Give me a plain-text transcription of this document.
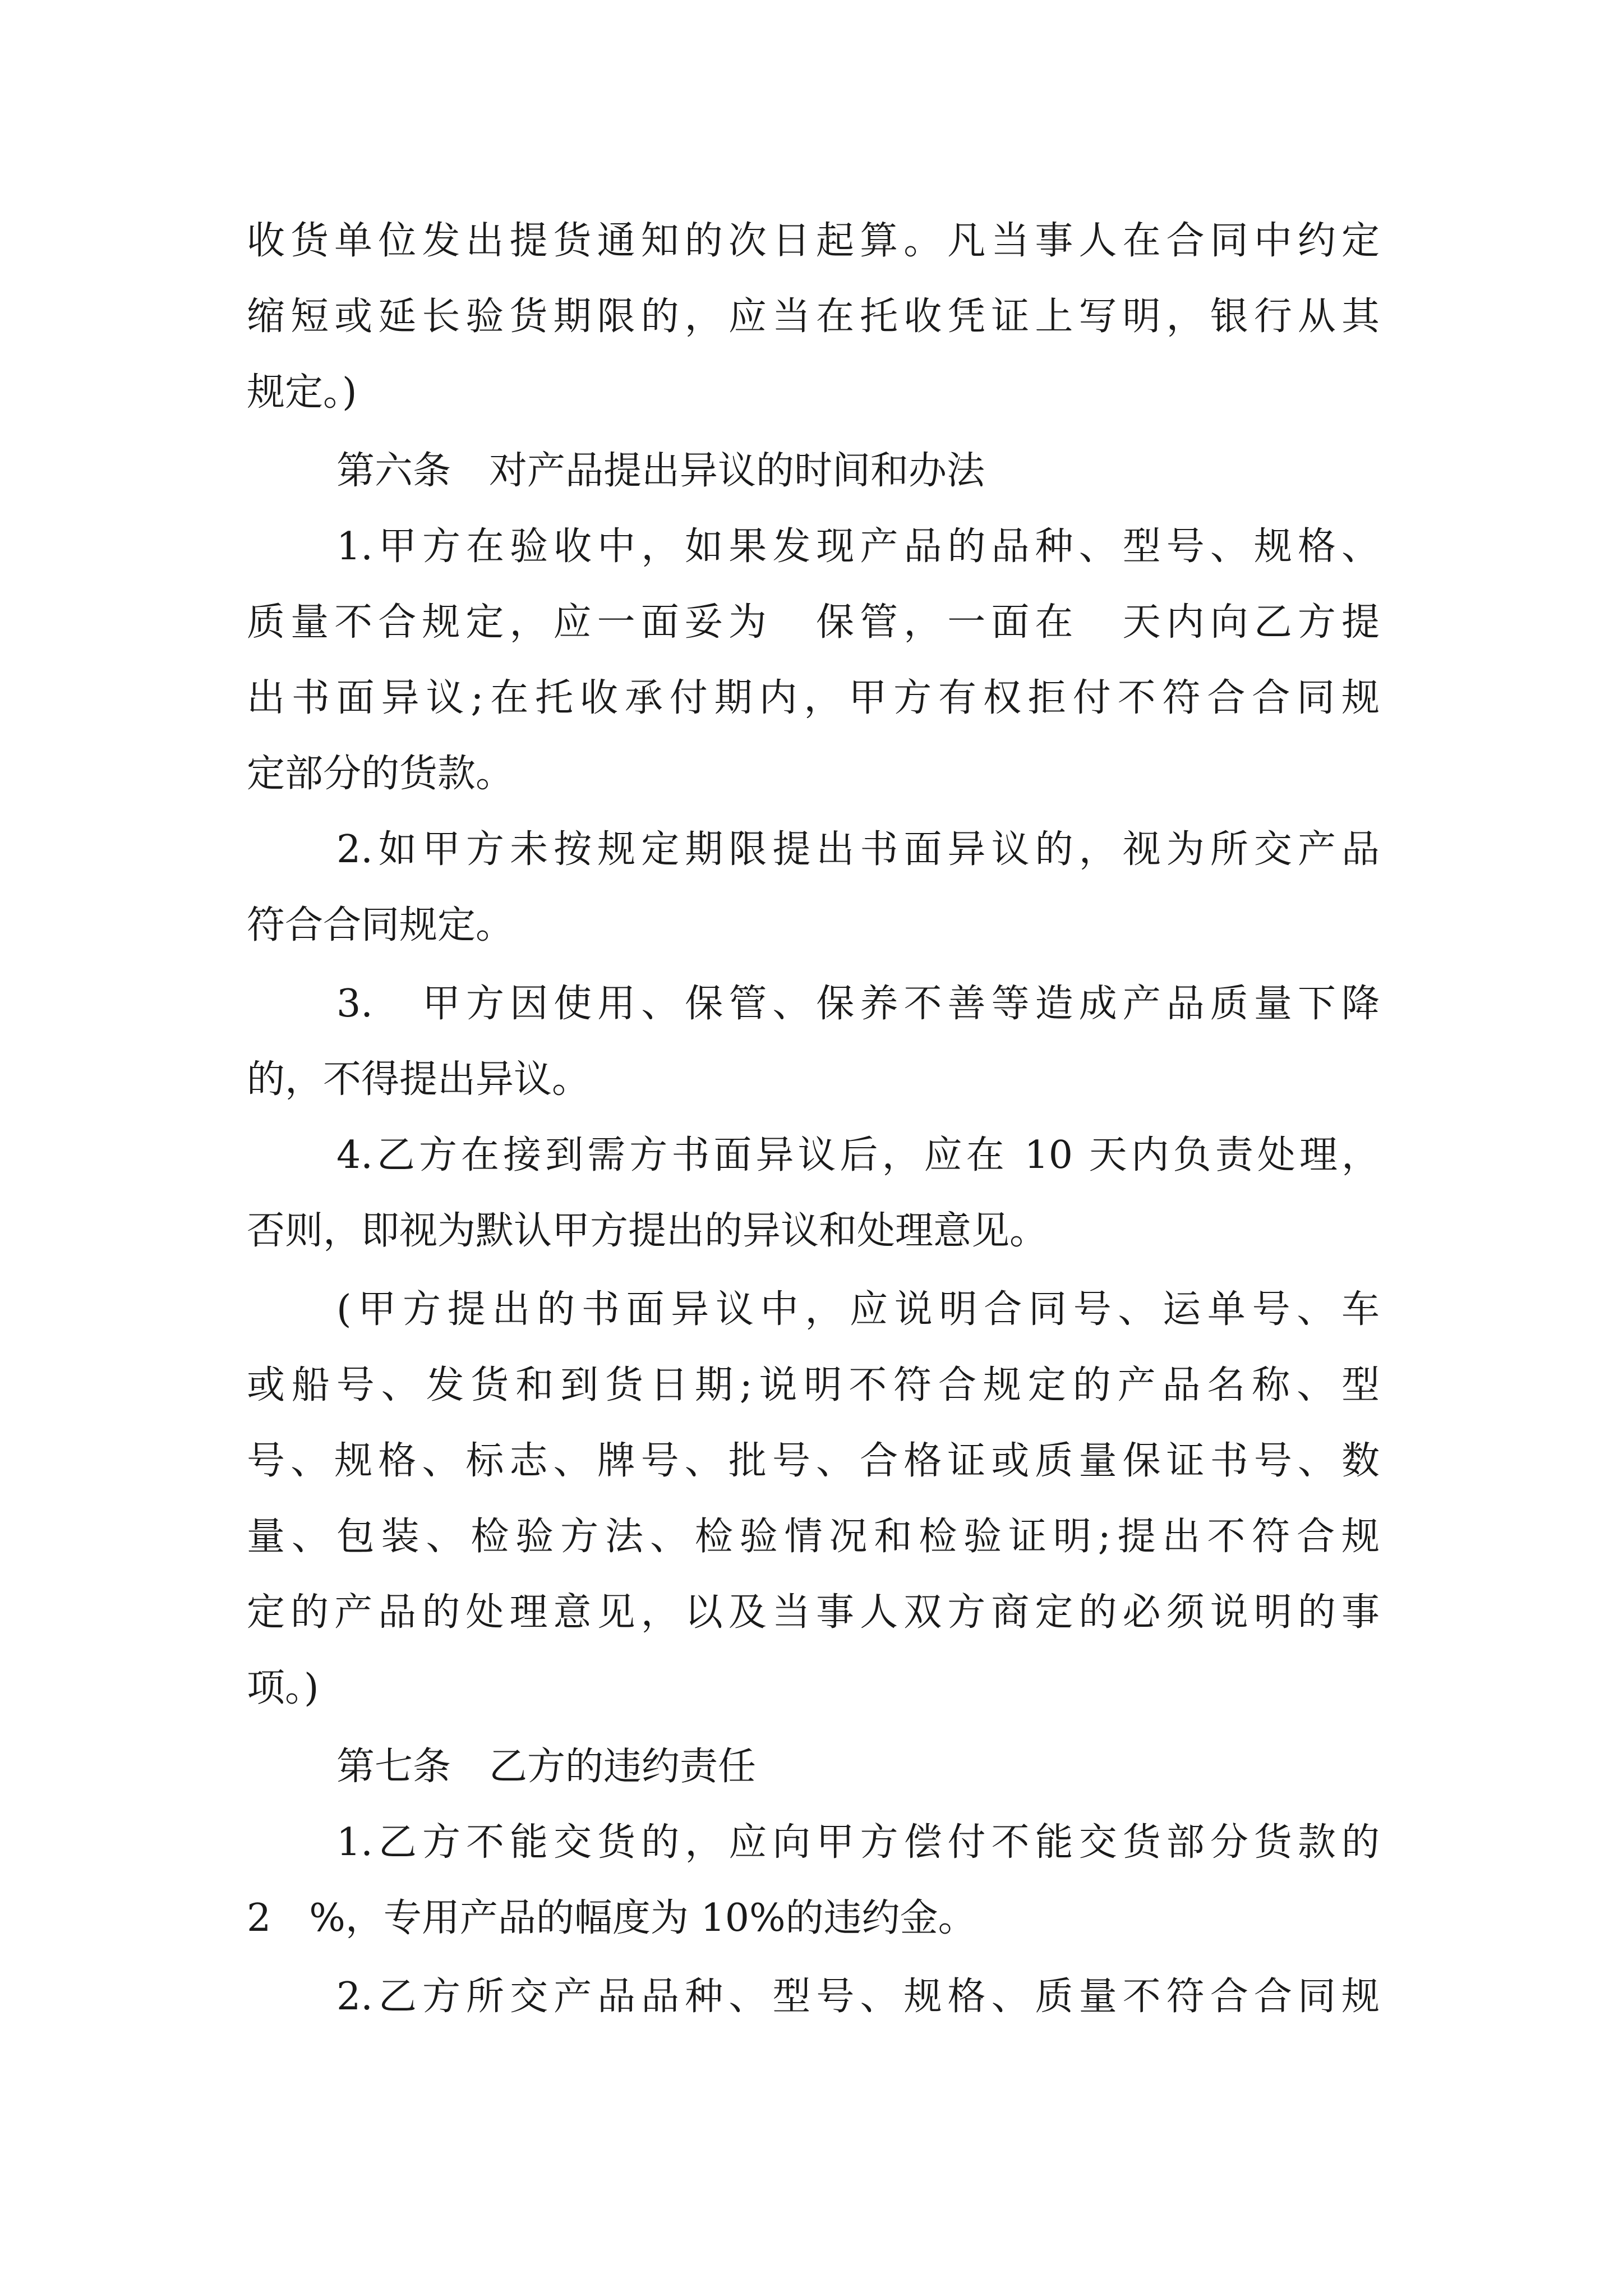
收货单位发出提货通知的次日起算。凡当事人在合同中约定

缩短或延长验货期限的，应当在托收凭证上写明，银行从其

规定。)

第六条　对产品提出异议的时间和办法

1.甲方在验收中，如果发现产品的品种、型号、规格、

质量不合规定，应一面妥为　保管，一面在　天内向乙方提

出书面异议;在托收承付期内，甲方有权拒付不符合合同规

定部分的货款。

2.如甲方未按规定期限提出书面异议的，视为所交产品

符合合同规定。

3.　甲方因使用、保管、保养不善等造成产品质量下降

的，不得提出异议。

4.乙方在接到需方书面异议后，应在 10 天内负责处理，

否则，即视为默认甲方提出的异议和处理意见。

(甲方提出的书面异议中，应说明合同号、运单号、车

或船号、发货和到货日期;说明不符合规定的产品名称、型

号、规格、标志、牌号、批号、合格证或质量保证书号、数

量、包装、检验方法、检验情况和检验证明;提出不符合规

定的产品的处理意见，以及当事人双方商定的必须说明的事

项。)

第七条　乙方的违约责任

1.乙方不能交货的，应向甲方偿付不能交货部分货款的

2　%，专用产品的幅度为 10%的违约金。

2.乙方所交产品品种、型号、规格、质量不符合合同规
